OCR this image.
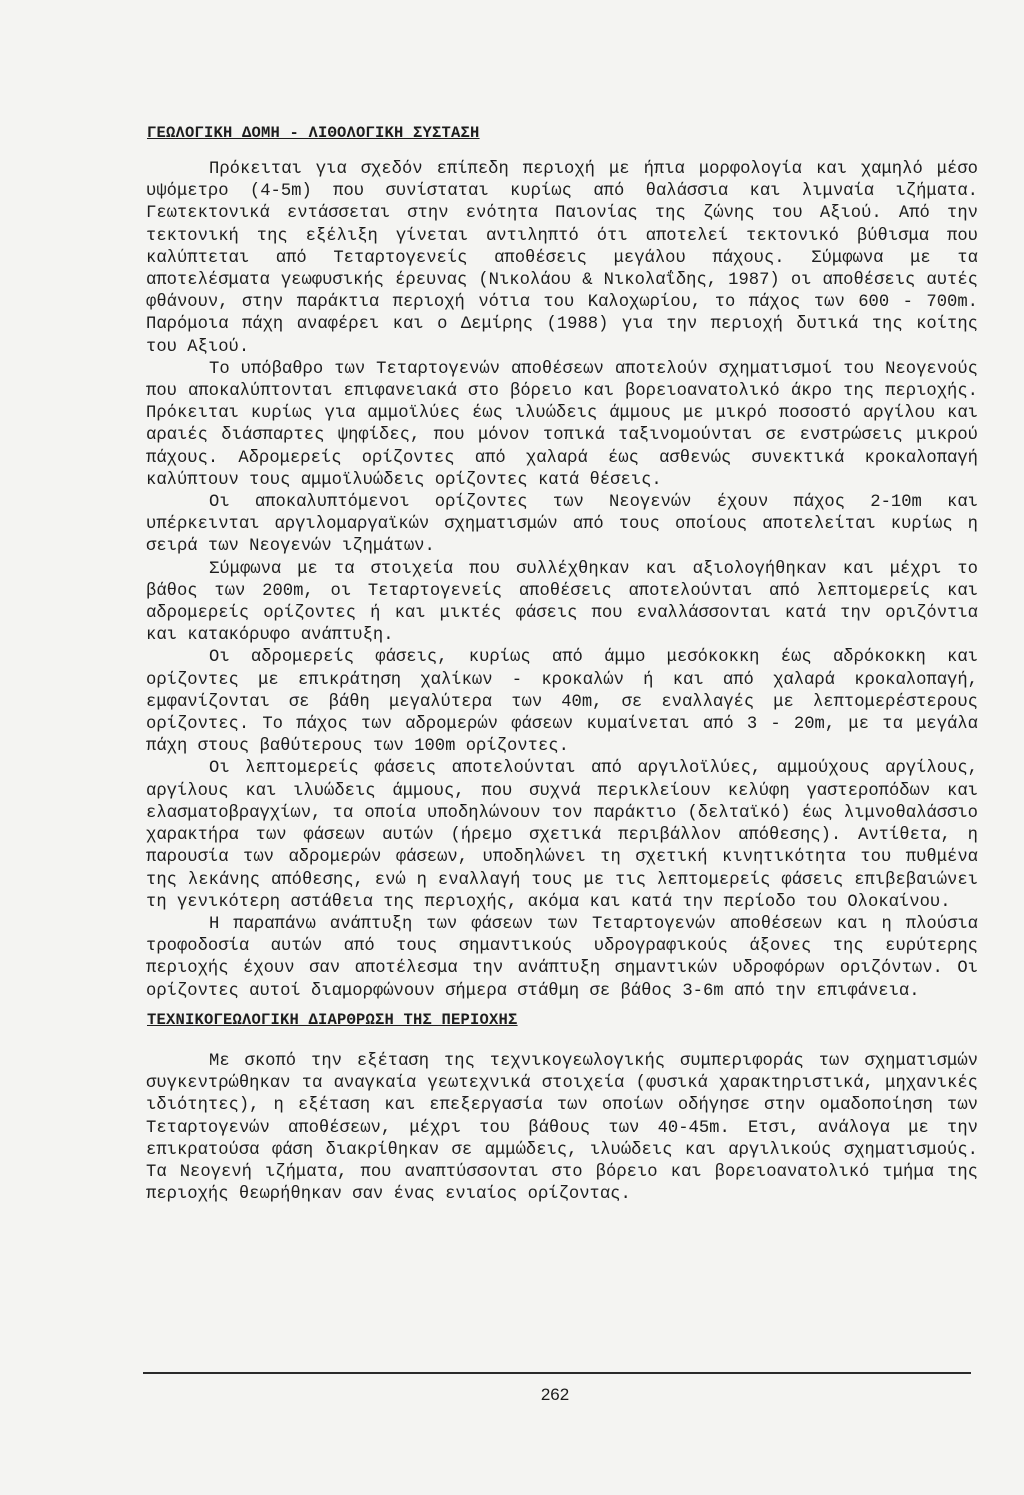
ΓΕΩΛΟΓΙΚΗ ΔΟΜΗ - ΛΙΘΟΛΟΓΙΚΗ ΣΥΣΤΑΣΗ

Πρόκειται για σχεδόν επίπεδη περιοχή με ήπια μορφολογία και χαμηλό μέσο υψόμετρο (4-5m) που συνίσταται κυρίως από θαλάσσια και λιμναία ιζήματα. Γεωτεκτονικά εντάσσεται στην ενότητα Παιονίας της ζώνης του Αξιού. Από την τεκτονική της εξέλιξη γίνεται αντιληπτό ότι αποτελεί τεκτονικό βύθισμα που καλύπτεται από Τεταρτογενείς αποθέσεις μεγάλου πάχους. Σύμφωνα με τα αποτελέσματα γεωφυσικής έρευνας (Νικολάου & Νικολαΐδης, 1987) οι αποθέσεις αυτές φθάνουν, στην παράκτια περιοχή νότια του Καλοχωρίου, το πάχος των 600 - 700m. Παρόμοια πάχη αναφέρει και ο Δεμίρης (1988) για την περιοχή δυτικά της κοίτης του Αξιού.

Το υπόβαθρο των Τεταρτογενών αποθέσεων αποτελούν σχηματισμοί του Νεογενούς που αποκαλύπτονται επιφανειακά στο βόρειο και βορειοανατολικό άκρο της περιοχής. Πρόκειται κυρίως για αμμοϊλύες έως ιλυώδεις άμμους με μικρό ποσοστό αργίλου και αραιές διάσπαρτες ψηφίδες, που μόνον τοπικά ταξινομούνται σε ενστρώσεις μικρού πάχους. Αδρομερείς ορίζοντες από χαλαρά έως ασθενώς συνεκτικά κροκαλοπαγή καλύπτουν τους αμμοϊλυώδεις ορίζοντες κατά θέσεις.

Οι αποκαλυπτόμενοι ορίζοντες των Νεογενών έχουν πάχος 2-10m και υπέρκεινται αργιλομαργαϊκών σχηματισμών από τους οποίους αποτελείται κυρίως η σειρά των Νεογενών ιζημάτων.

Σύμφωνα με τα στοιχεία που συλλέχθηκαν και αξιολογήθηκαν και μέχρι το βάθος των 200m, οι Τεταρτογενείς αποθέσεις αποτελούνται από λεπτομερείς και αδρομερείς ορίζοντες ή και μικτές φάσεις που εναλλάσσονται κατά την οριζόντια και κατακόρυφο ανάπτυξη.

Οι αδρομερείς φάσεις, κυρίως από άμμο μεσόκοκκη έως αδρόκοκκη και ορίζοντες με επικράτηση χαλίκων - κροκαλών ή και από χαλαρά κροκαλοπαγή, εμφανίζονται σε βάθη μεγαλύτερα των 40m, σε εναλλαγές με λεπτομερέστερους ορίζοντες. Το πάχος των αδρομερών φάσεων κυμαίνεται από 3 - 20m, με τα μεγάλα πάχη στους βαθύτερους των 100m ορίζοντες.

Οι λεπτομερείς φάσεις αποτελούνται από αργιλοϊλύες, αμμούχους αργίλους, αργίλους και ιλυώδεις άμμους, που συχνά περικλείουν κελύφη γαστεροπόδων και ελασματοβραγχίων, τα οποία υποδηλώνουν τον παράκτιο (δελταϊκό) έως λιμνοθαλάσσιο χαρακτήρα των φάσεων αυτών (ήρεμο σχετικά περιβάλλον απόθεσης). Αντίθετα, η παρουσία των αδρομερών φάσεων, υποδηλώνει τη σχετική κινητικότητα του πυθμένα της λεκάνης απόθεσης, ενώ η εναλλαγή τους με τις λεπτομερείς φάσεις επιβεβαιώνει τη γενικότερη αστάθεια της περιοχής, ακόμα και κατά την περίοδο του Ολοκαίνου.

Η παραπάνω ανάπτυξη των φάσεων των Τεταρτογενών αποθέσεων και η πλούσια τροφοδοσία αυτών από τους σημαντικούς υδρογραφικούς άξονες της ευρύτερης περιοχής έχουν σαν αποτέλεσμα την ανάπτυξη σημαντικών υδροφόρων οριζόντων. Οι ορίζοντες αυτοί διαμορφώνουν σήμερα στάθμη σε βάθος 3-6m από την επιφάνεια.

ΤΕΧΝΙΚΟΓΕΩΛΟΓΙΚΗ ΔΙΑΡΘΡΩΣΗ ΤΗΣ ΠΕΡΙΟΧΗΣ

Με σκοπό την εξέταση της τεχνικογεωλογικής συμπεριφοράς των σχηματισμών συγκεντρώθηκαν τα αναγκαία γεωτεχνικά στοιχεία (φυσικά χαρακτηριστικά, μηχανικές ιδιότητες), η εξέταση και επεξεργασία των οποίων οδήγησε στην ομαδοποίηση των Τεταρτογενών αποθέσεων, μέχρι του βάθους των 40-45m. Ετσι, ανάλογα με την επικρατούσα φάση διακρίθηκαν σε αμμώδεις, ιλυώδεις και αργιλικούς σχηματισμούς. Τα Νεογενή ιζήματα, που αναπτύσσονται στο βόρειο και βορειοανατολικό τμήμα της περιοχής θεωρήθηκαν σαν ένας ενιαίος ορίζοντας.

262
